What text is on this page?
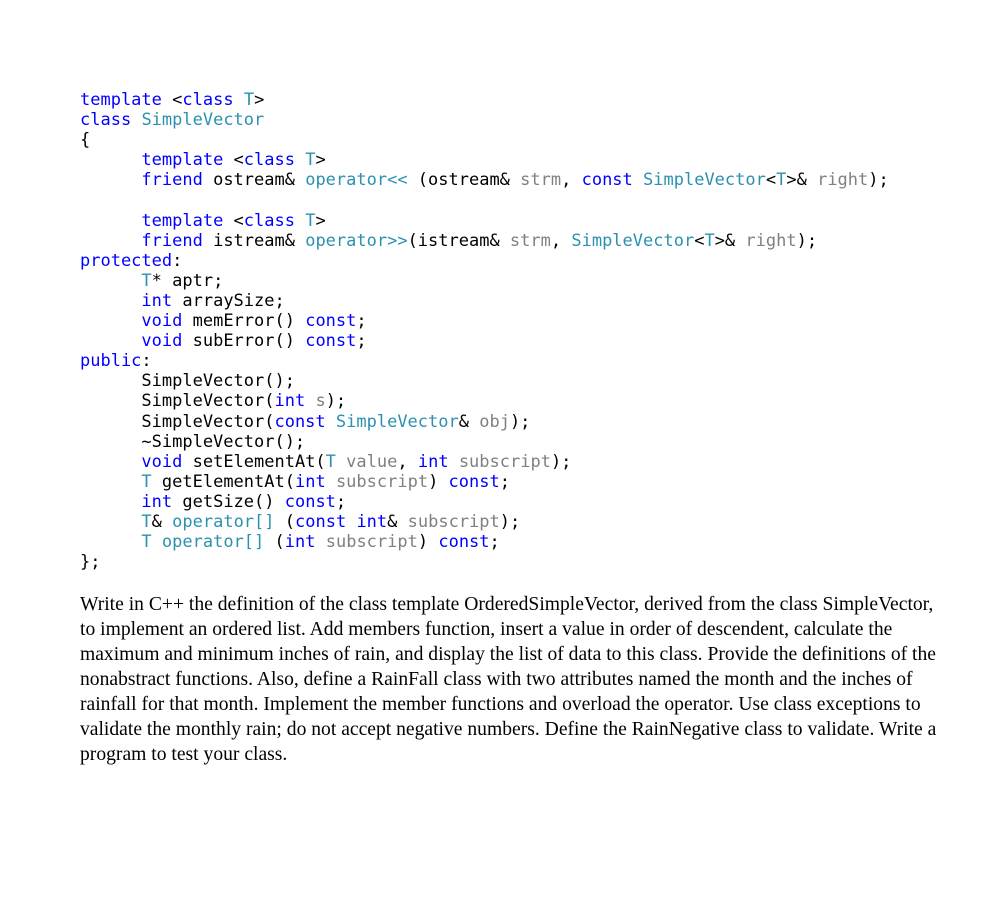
template <class T>
class SimpleVector
{
template <class T>
friend ostream& operator<< (ostream& strm, const SimpleVector<T>& right);
template <class T>
friend istream& operator>>(istream& strm, SimpleVector<T>& right);
protected:
T* aptr;
int arraySize;
void memError() const;
void subError() const;
public:
SimpleVector();
SimpleVector(int s);
SimpleVector(const SimpleVector& obj);
~SimpleVector();
void setElementAt(T value, int subscript);
T getElementAt(int subscript) const;
int getSize() const;
T& operator[] (const int& subscript);
T operator[] (int subscript) const;
};

Write in C++ the definition of the class template OrderedSimpleVector, derived from the class SimpleVector, to implement an ordered list. Add members function, insert a value in order of descendent, calculate the maximum and minimum inches of rain, and display the list of data to this class. Provide the definitions of the nonabstract functions. Also, define a RainFall class with two attributes named the month and the inches of rainfall for that month. Implement the member functions and overload the operator. Use class exceptions to validate the monthly rain; do not accept negative numbers. Define the RainNegative class to validate. Write a program to test your class.
